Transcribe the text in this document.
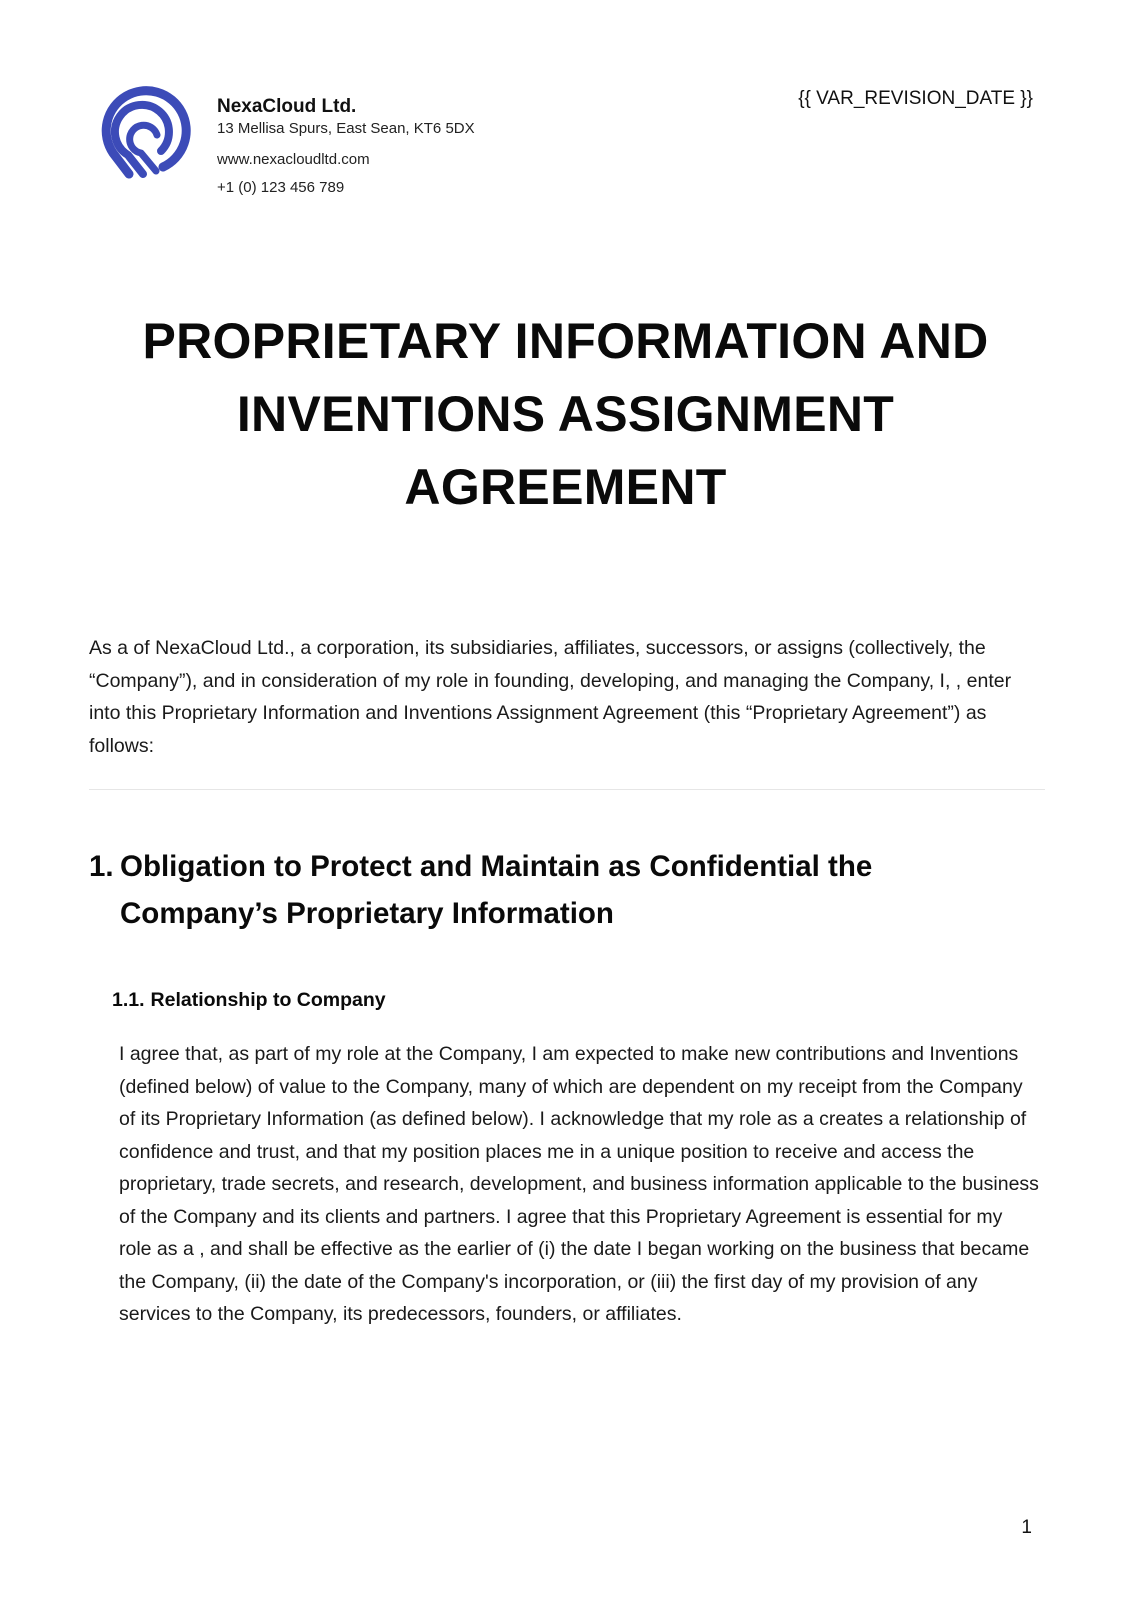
NexaCloud Ltd.
13 Mellisa Spurs, East Sean, KT6 5DX
www.nexacloudltd.com
+1 (0) 123 456 789
{{ VAR_REVISION_DATE }}
PROPRIETARY INFORMATION AND INVENTIONS ASSIGNMENT AGREEMENT

As a of NexaCloud Ltd., a corporation, its subsidiaries, affiliates, successors, or assigns (collectively, the “Company”), and in consideration of my role in founding, developing, and managing the Company, I, , enter into this Proprietary Information and Inventions Assignment Agreement (this “Proprietary Agreement”) as follows:

1. Obligation to Protect and Maintain as Confidential the Company’s Proprietary Information
1.1. Relationship to Company

I agree that, as part of my role at the Company, I am expected to make new contributions and Inventions (defined below) of value to the Company, many of which are dependent on my receipt from the Company of its Proprietary Information (as defined below). I acknowledge that my role as a creates a relationship of confidence and trust, and that my position places me in a unique position to receive and access the proprietary, trade secrets, and research, development, and business information applicable to the business of the Company and its clients and partners. I agree that this Proprietary Agreement is essential for my role as a , and shall be effective as the earlier of (i) the date I began working on the business that became the Company, (ii) the date of the Company's incorporation, or (iii) the first day of my provision of any services to the Company, its predecessors, founders, or affiliates.

1
